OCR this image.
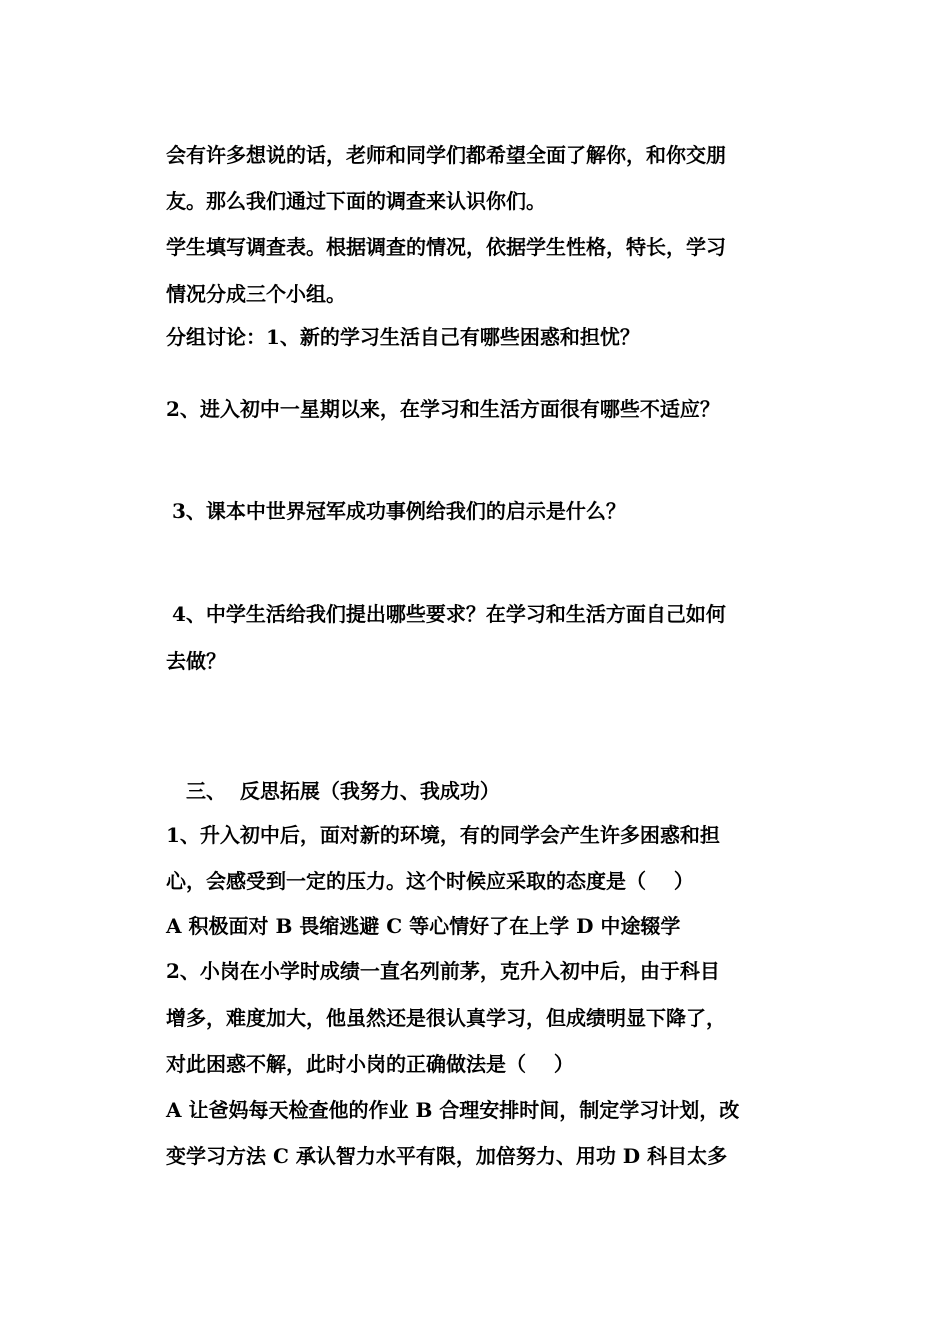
会有许多想说的话，老师和同学们都希望全面了解你，和你交朋
友。那么我们通过下面的调查来认识你们。
学生填写调查表。根据调查的情况，依据学生性格，特长，学习
情况分成三个小组。
分组讨论：1、新的学习生活自己有哪些困惑和担忧？
2、进入初中一星期以来，在学习和生活方面很有哪些不适应？
3、课本中世界冠军成功事例给我们的启示是什么？
4、中学生活给我们提出哪些要求？在学习和生活方面自己如何
去做？
三、  反思拓展（我努力、我成功）
1、升入初中后，面对新的环境，有的同学会产生许多困惑和担
心，会感受到一定的压力。这个时候应采取的态度是（    ）
A 积极面对 B 畏缩逃避 C 等心情好了在上学 D 中途辍学
2、小岗在小学时成绩一直名列前茅，克升入初中后，由于科目
增多，难度加大，他虽然还是很认真学习，但成绩明显下降了，
对此困惑不解，此时小岗的正确做法是（    ）
A 让爸妈每天检查他的作业 B 合理安排时间，制定学习计划，改
变学习方法 C 承认智力水平有限，加倍努力、用功 D 科目太多
